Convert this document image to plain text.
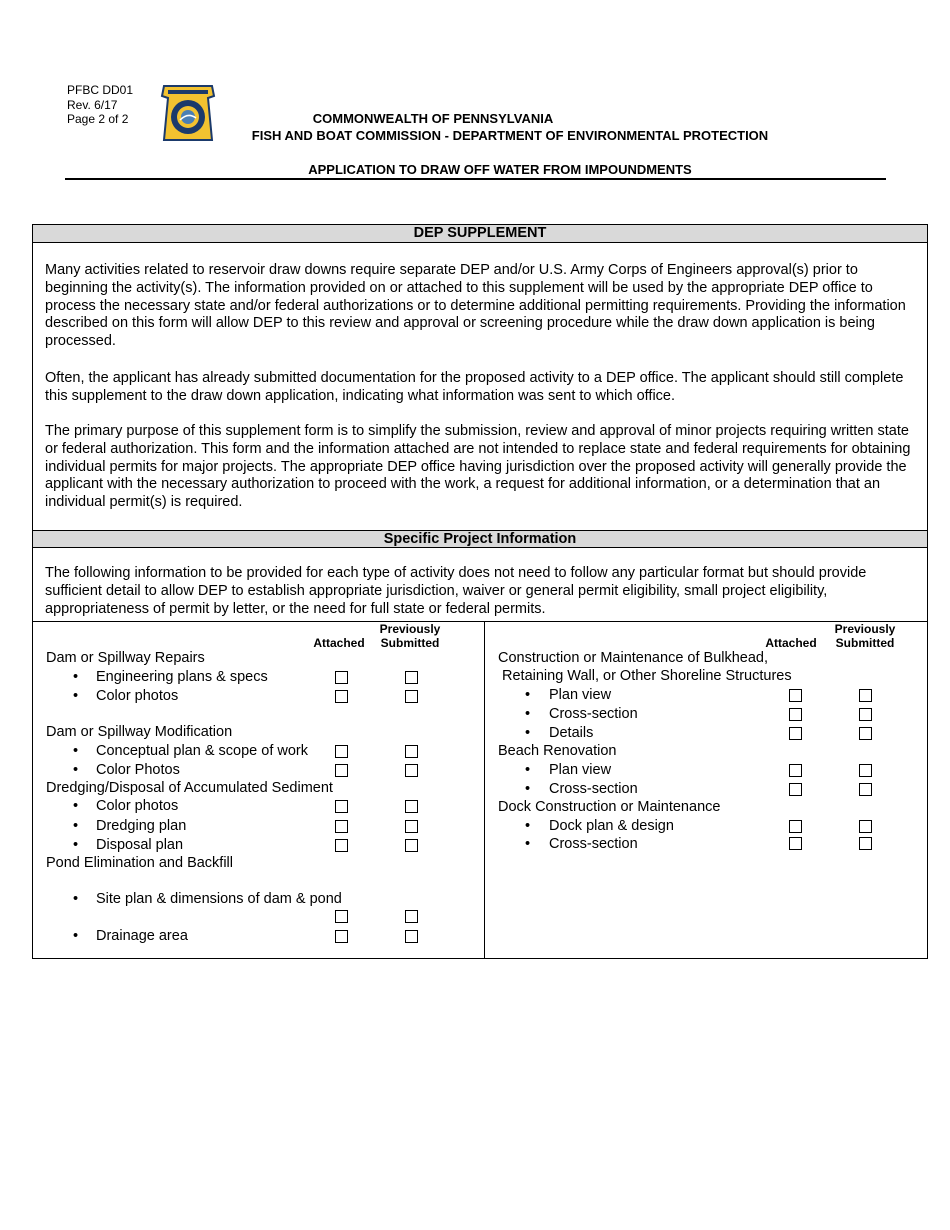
PFBC DD01
Rev. 6/17
Page 2 of 2	COMMONWEALTH OF PENNSYLVANIA
FISH AND BOAT COMMISSION - DEPARTMENT OF ENVIRONMENTAL PROTECTION
APPLICATION TO DRAW OFF WATER FROM IMPOUNDMENTS
DEP SUPPLEMENT
Many activities related to reservoir draw downs require separate DEP and/or U.S. Army Corps of Engineers approval(s) prior to beginning the activity(s). The information provided on or attached to this supplement will be used by the appropriate DEP office to process the necessary state and/or federal authorizations or to determine additional permitting requirements. Providing the information described on this form will allow DEP to this review and approval or screening procedure while the draw down application is being processed.
Often, the applicant has already submitted documentation for the proposed activity to a DEP office. The applicant should still complete this supplement to the draw down application, indicating what information was sent to which office.
The primary purpose of this supplement form is to simplify the submission, review and approval of minor projects requiring written state or federal authorization. This form and the information attached are not intended to replace state and federal requirements for obtaining individual permits for major projects. The appropriate DEP office having jurisdiction over the proposed activity will generally provide the applicant with the necessary authorization to proceed with the work, a request for additional information, or a determination that an individual permit(s) is required.
Specific Project Information
The following information to be provided for each type of activity does not need to follow any particular format but should provide sufficient detail to allow DEP to establish appropriate jurisdiction, waiver or general permit eligibility, small project eligibility, appropriateness of permit by letter, or the need for full state or federal permits.
Attached
Previously
Submitted	Attached
Previously
Submitted
Dam or Spillway Repairs
• Engineering plans & specs
• Color photos
Dam or Spillway Modification
• Conceptual plan & scope of work
• Color Photos
Dredging/Disposal of Accumulated Sediment
• Color photos
• Dredging plan
• Disposal plan
Pond Elimination and Backfill
• Site plan & dimensions of dam & pond
• Drainage area
Construction or Maintenance of Bulkhead,
Retaining Wall, or Other Shoreline Structures
• Plan view
• Cross-section
• Details
Beach Renovation
• Plan view
• Cross-section
Dock Construction or Maintenance
• Dock plan & design
• Cross-section
